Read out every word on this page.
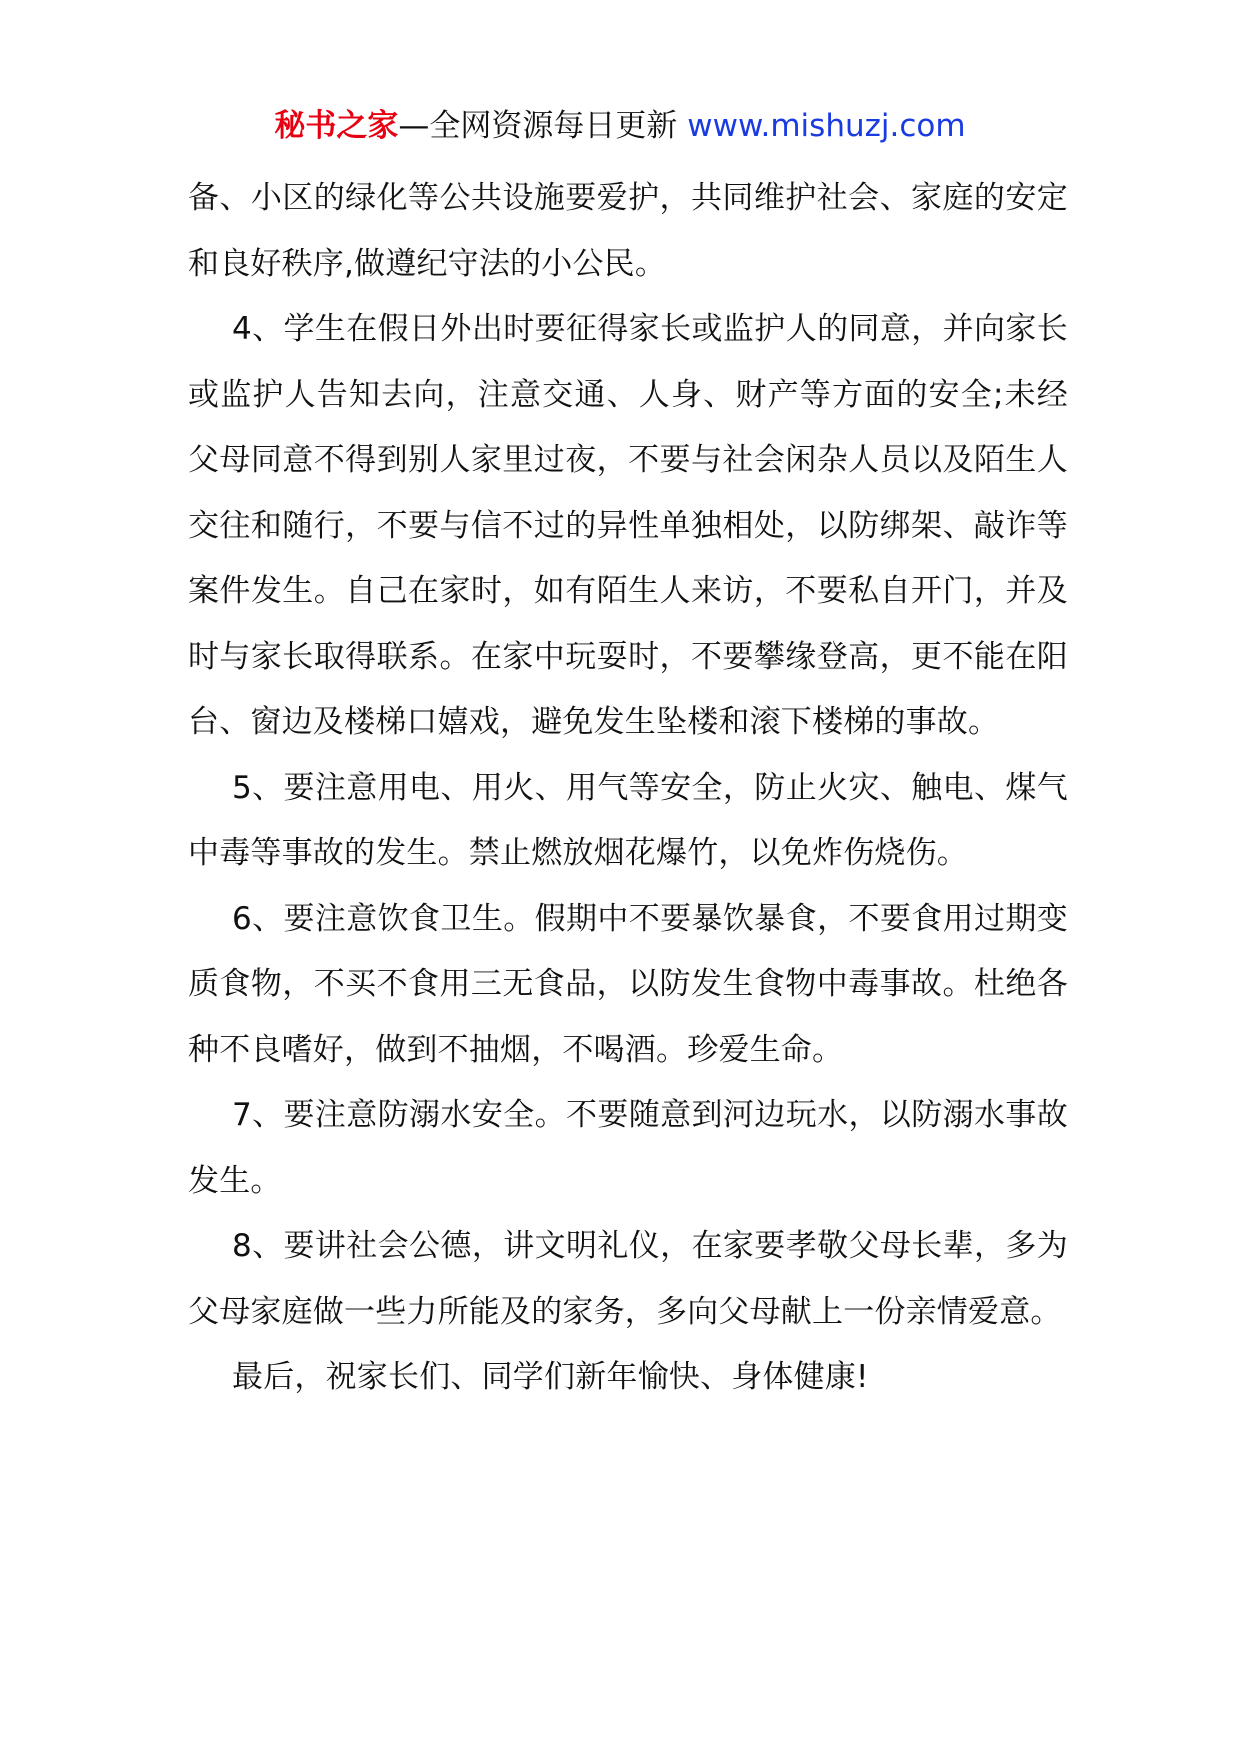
秘书之家—全网资源每日更新 www.mishuzj.com

备、小区的绿化等公共设施要爱护，共同维护社会、家庭的安定和良好秩序,做遵纪守法的小公民。

4、学生在假日外出时要征得家长或监护人的同意，并向家长或监护人告知去向，注意交通、人身、财产等方面的安全;未经父母同意不得到别人家里过夜，不要与社会闲杂人员以及陌生人交往和随行，不要与信不过的异性单独相处，以防绑架、敲诈等案件发生。自己在家时，如有陌生人来访，不要私自开门，并及时与家长取得联系。在家中玩耍时，不要攀缘登高，更不能在阳台、窗边及楼梯口嬉戏，避免发生坠楼和滚下楼梯的事故。

5、要注意用电、用火、用气等安全，防止火灾、触电、煤气中毒等事故的发生。禁止燃放烟花爆竹，以免炸伤烧伤。

6、要注意饮食卫生。假期中不要暴饮暴食，不要食用过期变质食物，不买不食用三无食品，以防发生食物中毒事故。杜绝各种不良嗜好，做到不抽烟，不喝酒。珍爱生命。

7、要注意防溺水安全。不要随意到河边玩水，以防溺水事故发生。

8、要讲社会公德，讲文明礼仪，在家要孝敬父母长辈，多为父母家庭做一些力所能及的家务，多向父母献上一份亲情爱意。

最后，祝家长们、同学们新年愉快、身体健康!
